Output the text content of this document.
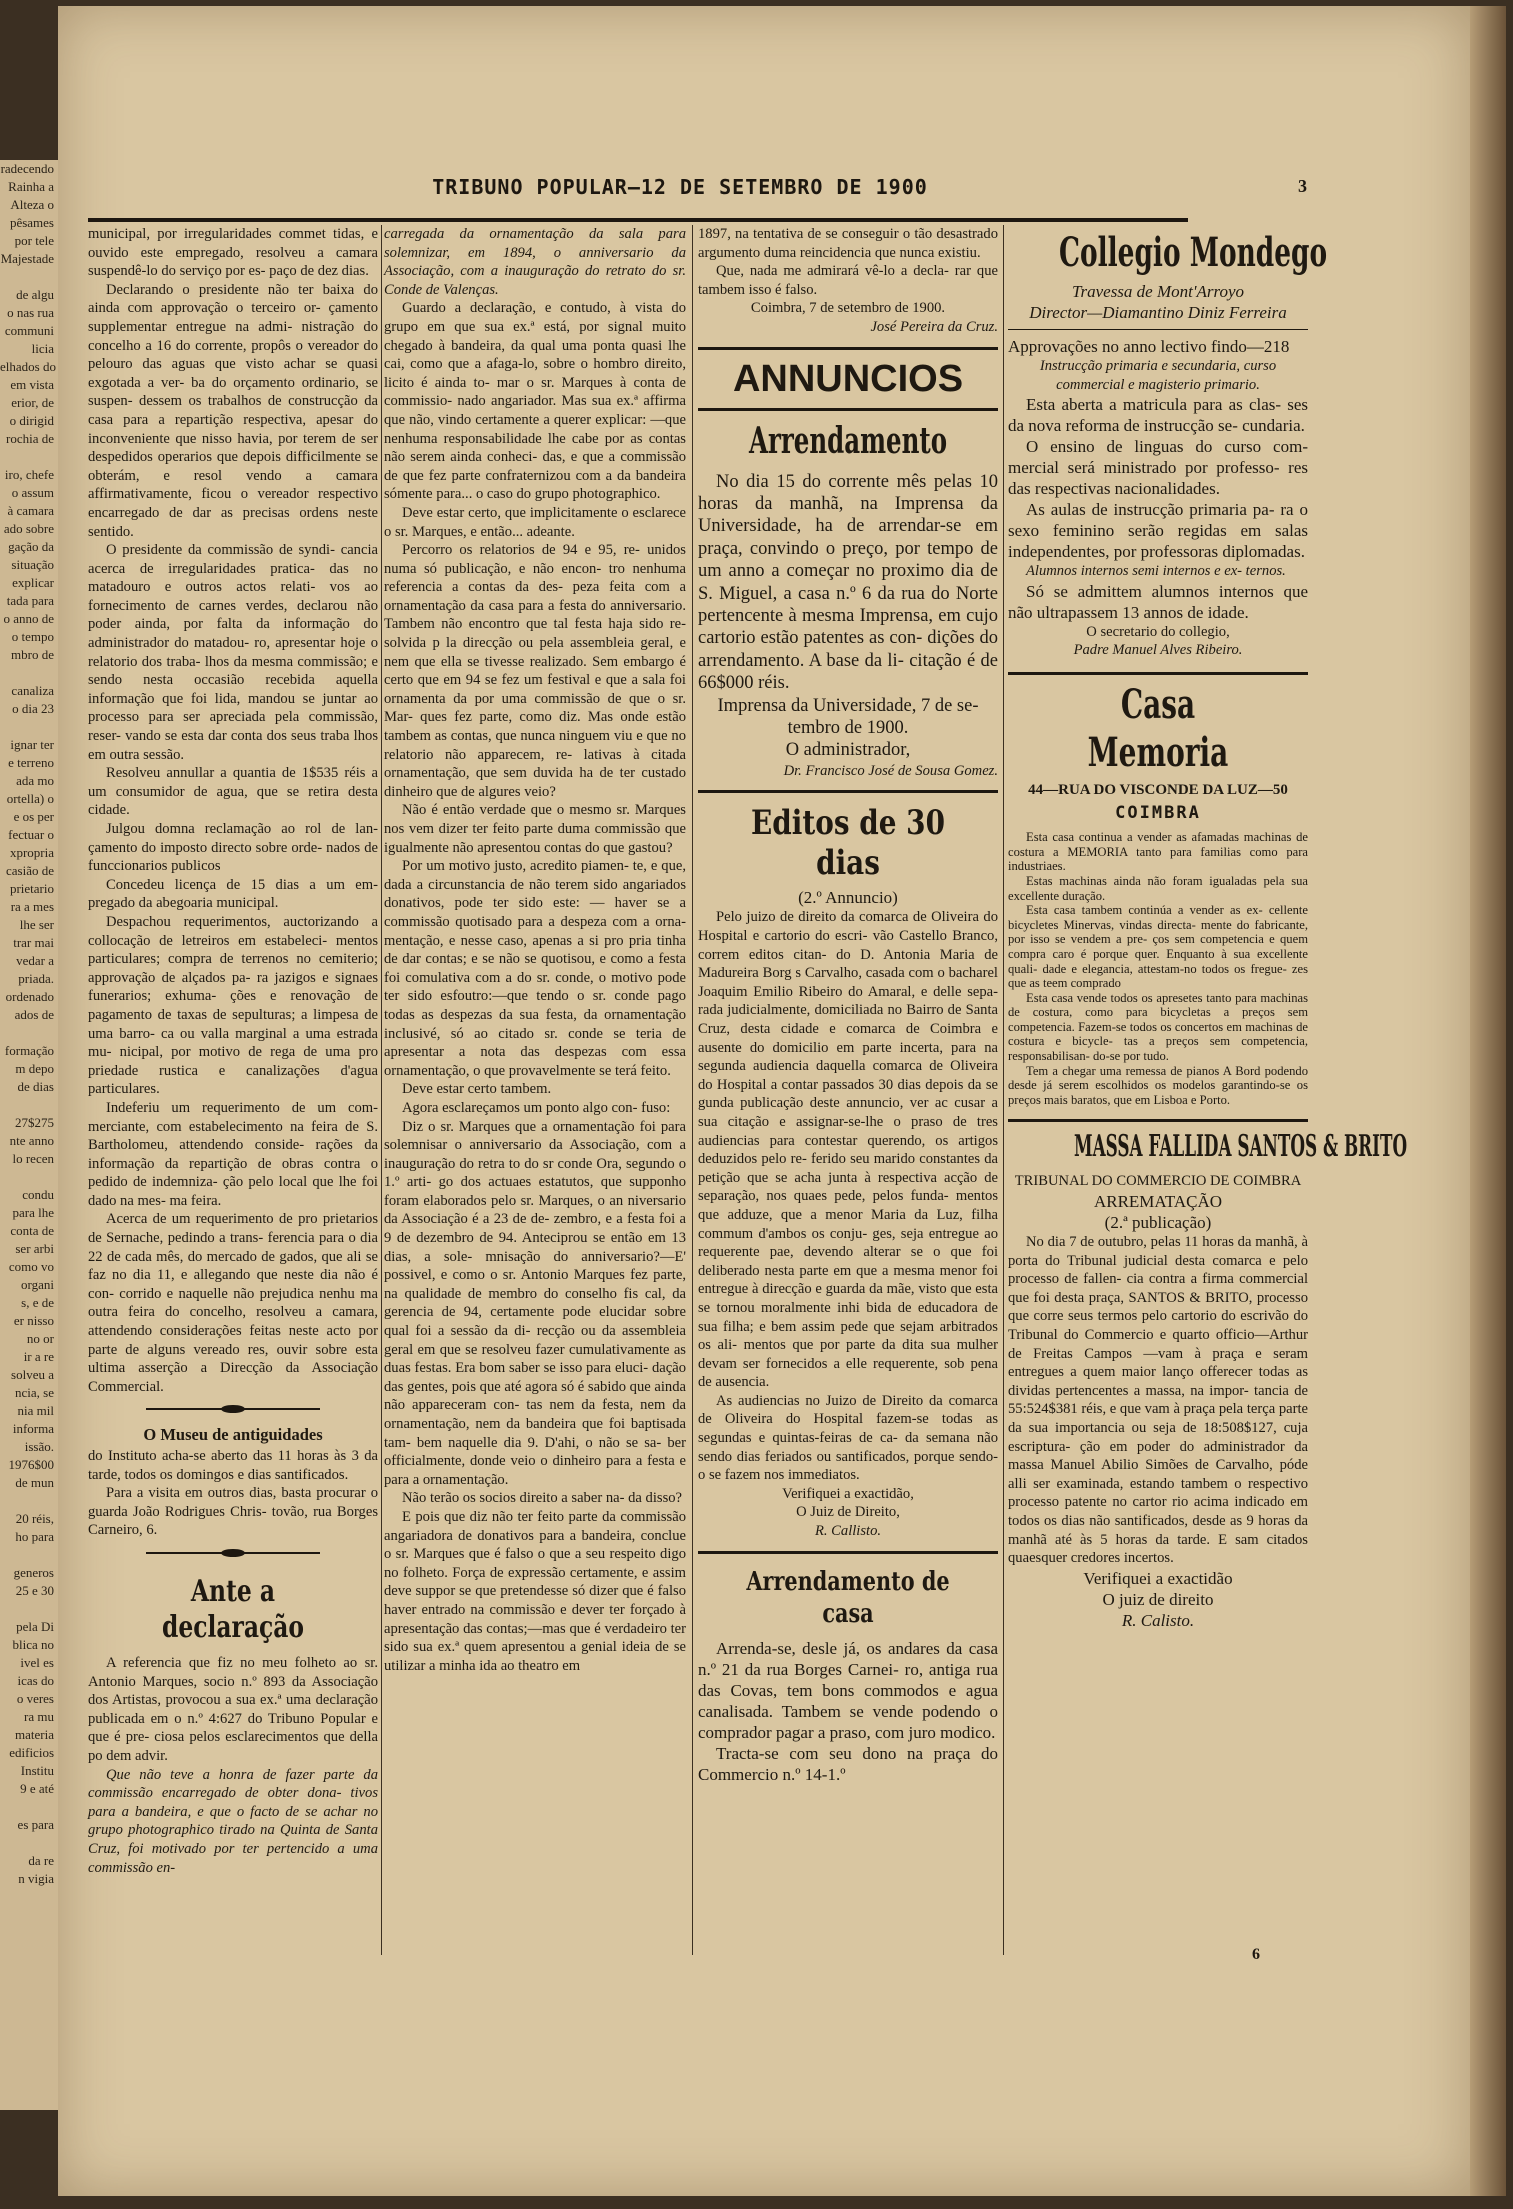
radecendo

Rainha a

Alteza o

pêsames

por tele

Majestade

de algu

o nas rua

communi

licia

elhados do

em vista

erior, de

o dirigid

rochia de

iro, chefe

o assum

à camara

ado sobre

gação da

situação

explicar

tada para

o anno de

o tempo

mbro de

canaliza

o dia 23

ignar ter

e terreno

ada mo

ortella) o

e os per

fectuar o

xpropria

casião de

prietario

ra a mes

lhe ser

trar mai

vedar a

priada.

ordenado

ados de

formação

m depo

de dias

27$275

nte anno

lo recen

condu

para lhe

conta de

ser arbi

como vo

organi

s, e de

er nisso

no or

ir a re

solveu a

ncia, se

nia mil

informa

issão.

1976$00

de mun

20 réis,

ho para

generos

25 e 30

pela Di

blica no

ivel es

icas do

o veres

ra mu

materia

edificios

Institu

9 e até

es para

da re

n vigia

TRIBUNO POPULAR—12 DE SETEMBRO DE 1900	3

municipal, por irregularidades commet tidas, e ouvido este empregado, resolveu a camara suspendê-lo do serviço por es- paço de dez dias.

Declarando o presidente não ter baixa do ainda com approvação o terceiro or- çamento supplementar entregue na admi- nistração do concelho a 16 do corrente, propôs o vereador do pelouro das aguas que visto achar se quasi exgotada a ver- ba do orçamento ordinario, se suspen- dessem os trabalhos de construcção da casa para a repartição respectiva, apesar do inconveniente que nisso havia, por terem de ser despedidos operarios que depois difficilmente se obterám, e resol vendo a camara affirmativamente, ficou o vereador respectivo encarregado de dar as precisas ordens neste sentido.

O presidente da commissão de syndi- cancia acerca de irregularidades pratica- das no matadouro e outros actos relati- vos ao fornecimento de carnes verdes, declarou não poder ainda, por falta da informação do administrador do matadou- ro, apresentar hoje o relatorio dos traba- lhos da mesma commissão; e sendo nesta occasião recebida aquella informação que foi lida, mandou se juntar ao processo para ser apreciada pela commissão, reser- vando se esta dar conta dos seus traba lhos em outra sessão.

Resolveu annullar a quantia de 1$535 réis a um consumidor de agua, que se retira desta cidade.

Julgou domna reclamação ao rol de lan- çamento do imposto directo sobre orde- nados de funccionarios publicos

Concedeu licença de 15 dias a um em- pregado da abegoaria municipal.

Despachou requerimentos, auctorizando a collocação de letreiros em estabeleci- mentos particulares; compra de terrenos no cemiterio; approvação de alçados pa- ra jazigos e signaes funerarios; exhuma- ções e renovação de pagamento de taxas de sepulturas; a limpesa de uma barro- ca ou valla marginal a uma estrada mu- nicipal, por motivo de rega de uma pro priedade rustica e canalizações d'agua particulares.

Indeferiu um requerimento de um com- merciante, com estabelecimento na feira de S. Bartholomeu, attendendo conside- rações da informação da repartição de obras contra o pedido de indemniza- ção pelo local que lhe foi dado na mes- ma feira.

Acerca de um requerimento de pro prietarios de Sernache, pedindo a trans- ferencia para o dia 22 de cada mês, do mercado de gados, que ali se faz no dia 11, e allegando que neste dia não é con- corrido e naquelle não prejudica nenhu ma outra feira do concelho, resolveu a camara, attendendo considerações feitas neste acto por parte de alguns vereado res, ouvir sobre esta ultima asserção a Direcção da Associação Commercial.

O Museu de antiguidades

do Instituto acha-se aberto das 11 horas às 3 da tarde, todos os domingos e dias santificados.

Para a visita em outros dias, basta procurar o guarda João Rodrigues Chris- tovão, rua Borges Carneiro, 6.

Ante a declaração

A referencia que fiz no meu folheto ao sr. Antonio Marques, socio n.º 893 da Associação dos Artistas, provocou a sua ex.ª uma declaração publicada em o n.º 4:627 do Tribuno Popular e que é pre- ciosa pelos esclarecimentos que della po dem advir.

Que não teve a honra de fazer parte da commissão encarregado de obter dona- tivos para a bandeira, e que o facto de se achar no grupo photographico tirado na Quinta de Santa Cruz, foi motivado por ter pertencido a uma commissão en-

carregada da ornamentação da sala para solemnizar, em 1894, o anniversario da Associação, com a inauguração do retrato do sr. Conde de Valenças.

Guardo a declaração, e contudo, à vista do grupo em que sua ex.ª está, por signal muito chegado à bandeira, da qual uma ponta quasi lhe cai, como que a afaga-lo, sobre o hombro direito, licito é ainda to- mar o sr. Marques à conta de commissio- nado angariador. Mas sua ex.ª affirma que não, vindo certamente a querer explicar: —que nenhuma responsabilidade lhe cabe por as contas não serem ainda conheci- das, e que a commissão de que fez parte confraternizou com a da bandeira sómente para... o caso do grupo photographico.

Deve estar certo, que implicitamente o esclarece o sr. Marques, e então... adeante.

Percorro os relatorios de 94 e 95, re- unidos numa só publicação, e não encon- tro nenhuma referencia a contas da des- peza feita com a ornamentação da casa para a festa do anniversario. Tambem não encontro que tal festa haja sido re- solvida p la direcção ou pela assembleia geral, e nem que ella se tivesse realizado. Sem embargo é certo que em 94 se fez um festival e que a sala foi ornamenta da por uma commissão de que o sr. Mar- ques fez parte, como diz. Mas onde estão tambem as contas, que nunca ninguem viu e que no relatorio não apparecem, re- lativas à citada ornamentação, que sem duvida ha de ter custado dinheiro que de algures veio?

Não é então verdade que o mesmo sr. Marques nos vem dizer ter feito parte duma commissão que igualmente não apresentou contas do que gastou?

Por um motivo justo, acredito piamen- te, e que, dada a circunstancia de não terem sido angariados donativos, pode ter sido este: — haver se a commissão quotisado para a despeza com a orna- mentação, e nesse caso, apenas a si pro pria tinha de dar contas; e se não se quotisou, e como a festa foi comulativa com a do sr. conde, o motivo pode ter sido esfoutro:—que tendo o sr. conde pago todas as despezas da sua festa, da ornamentação inclusivé, só ao citado sr. conde se teria de apresentar a nota das despezas com essa ornamentação, o que provavelmente se terá feito.

Deve estar certo tambem.

Agora esclareçamos um ponto algo con- fuso:

Diz o sr. Marques que a ornamentação foi para solemnisar o anniversario da Associação, com a inauguração do retra to do sr conde Ora, segundo o 1.º arti- go dos actuaes estatutos, que supponho foram elaborados pelo sr. Marques, o an niversario da Associação é a 23 de de- zembro, e a festa foi a 9 de dezembro de 94. Anteciprou se então em 13 dias, a sole- mnisação do anniversario?—E' possivel, e como o sr. Antonio Marques fez parte, na qualidade de membro do conselho fis cal, da gerencia de 94, certamente pode elucidar sobre qual foi a sessão da di- recção ou da assembleia geral em que se resolveu fazer cumulativamente as duas festas. Era bom saber se isso para eluci- dação das gentes, pois que até agora só é sabido que ainda não appareceram con- tas nem da festa, nem da ornamentação, nem da bandeira que foi baptisada tam- bem naquelle dia 9. D'ahi, o não se sa- ber officialmente, donde veio o dinheiro para a festa e para a ornamentação.

Não terão os socios direito a saber na- da disso?

E pois que diz não ter feito parte da commissão angariadora de donativos para a bandeira, conclue o sr. Marques que é falso o que a seu respeito digo no folheto. Força de expressão certamente, e assim deve suppor se que pretendesse só dizer que é falso haver entrado na commissão e dever ter forçado à apresentação das contas;—mas que é verdadeiro ter sido sua ex.ª quem apresentou a genial ideia de se utilizar a minha ida ao theatro em

1897, na tentativa de se conseguir o tão desastrado argumento duma reincidencia que nunca existiu.

Que, nada me admirará vê-lo a decla- rar que tambem isso é falso.

Coimbra, 7 de setembro de 1900.

José Pereira da Cruz.

ANNUNCIOS
Arrendamento

No dia 15 do corrente mês pelas 10 horas da manhã, na Imprensa da Universidade, ha de arrendar-se em praça, convindo o preço, por tempo de um anno a começar no proximo dia de S. Miguel, a casa n.º 6 da rua do Norte pertencente à mesma Imprensa, em cujo cartorio estão patentes as con- dições do arrendamento. A base da li- citação é de 66$000 réis.

Imprensa da Universidade, 7 de se- tembro de 1900.

O administrador,

Dr. Francisco José de Sousa Gomez.

Editos de 30 dias

(2.º Annuncio)

Pelo juizo de direito da comarca de Oliveira do Hospital e cartorio do escri- vão Castello Branco, correm editos citan- do D. Antonia Maria de Madureira Borg s Carvalho, casada com o bacharel Joaquim Emilio Ribeiro do Amaral, e delle sepa- rada judicialmente, domiciliada no Bairro de Santa Cruz, desta cidade e comarca de Coimbra e ausente do domicilio em parte incerta, para na segunda audiencia daquella comarca de Oliveira do Hospital a contar passados 30 dias depois da se gunda publicação deste annuncio, ver ac cusar a sua citação e assignar-se-lhe o praso de tres audiencias para contestar querendo, os artigos deduzidos pelo re- ferido seu marido constantes da petição que se acha junta à respectiva acção de separação, nos quaes pede, pelos funda- mentos que adduze, que a menor Maria da Luz, filha commum d'ambos os conju- ges, seja entregue ao requerente pae, devendo alterar se o que foi deliberado nesta parte em que a mesma menor foi entregue à direcção e guarda da mãe, visto que esta se tornou moralmente inhi bida de educadora de sua filha; e bem assim pede que sejam arbitrados os ali- mentos que por parte da dita sua mulher devam ser fornecidos a elle requerente, sob pena de ausencia.

As audiencias no Juizo de Direito da comarca de Oliveira do Hospital fazem-se todas as segundas e quintas-feiras de ca- da semana não sendo dias feriados ou santificados, porque sendo-o se fazem nos immediatos.

Verifiquei a exactidão,

O Juiz de Direito,

R. Callisto.

Arrendamento de casa

Arrenda-se, desle já, os andares da casa n.º 21 da rua Borges Carnei- ro, antiga rua das Covas, tem bons commodos e agua canalisada. Tambem se vende podendo o comprador pagar a praso, com juro modico.

Tracta-se com seu dono na praça do Commercio n.º 14-1.º

Collegio Mondego

Travessa de Mont'Arroyo

Director—Diamantino Diniz Ferreira

Approvações no anno lectivo findo—218

Instrucção primaria e secundaria, curso commercial e magisterio primario.

Esta aberta a matricula para as clas- ses da nova reforma de instrucção se- cundaria.

O ensino de linguas do curso com- mercial será ministrado por professo- res das respectivas nacionalidades.

As aulas de instrucção primaria pa- ra o sexo feminino serão regidas em salas independentes, por professoras diplomadas.

Alumnos internos semi internos e ex- ternos.

Só se admittem alumnos internos que não ultrapassem 13 annos de idade.

O secretario do collegio,

Padre Manuel Alves Ribeiro.

Casa Memoria
44—RUA DO VISCONDE DA LUZ—50
COIMBRA

Esta casa continua a vender as afamadas machinas de costura a MEMORIA tanto para familias como para industriaes.

Estas machinas ainda não foram igualadas pela sua excellente duração.

Esta casa tambem continúa a vender as ex- cellente bicycletes Minervas, vindas directa- mente do fabricante, por isso se vendem a pre- ços sem competencia e quem compra caro é porque quer. Enquanto à sua excellente quali- dade e elegancia, attestam-no todos os fregue- zes que as teem comprado

Esta casa vende todos os apresetes tanto para machinas de costura, como para bicycletas a preços sem competencia. Fazem-se todos os concertos em machinas de costura e bicycle- tas a preços sem competencia, responsabilisan- do-se por tudo.

Tem a chegar uma remessa de pianos A Bord podendo desde já serem escolhidos os modelos garantindo-se os preços mais baratos, que em Lisboa e Porto.

MASSA FALLIDA SANTOS & BRITO

TRIBUNAL DO COMMERCIO DE COIMBRA

ARREMATAÇÃO

(2.ª publicação)

No dia 7 de outubro, pelas 11 horas da manhã, à porta do Tribunal judicial desta comarca e pelo processo de fallen- cia contra a firma commercial que foi desta praça, SANTOS & BRITO, processo que corre seus termos pelo cartorio do escrivão do Tribunal do Commercio e quarto officio—Arthur de Freitas Campos —vam à praça e seram entregues a quem maior lanço offerecer todas as dividas pertencentes a massa, na impor- tancia de 55:524$381 réis, e que vam à praça pela terça parte da sua importancia ou seja de 18:508$127, cuja escriptura- ção em poder do administrador da massa Manuel Abilio Simões de Carvalho, póde alli ser examinada, estando tambem o respectivo processo patente no cartor rio acima indicado em todos os dias não santificados, desde as 9 horas da manhã até às 5 horas da tarde. E sam citados quaesquer credores incertos.

Verifiquei a exactidão

O juiz de direito

R. Calisto.

6
